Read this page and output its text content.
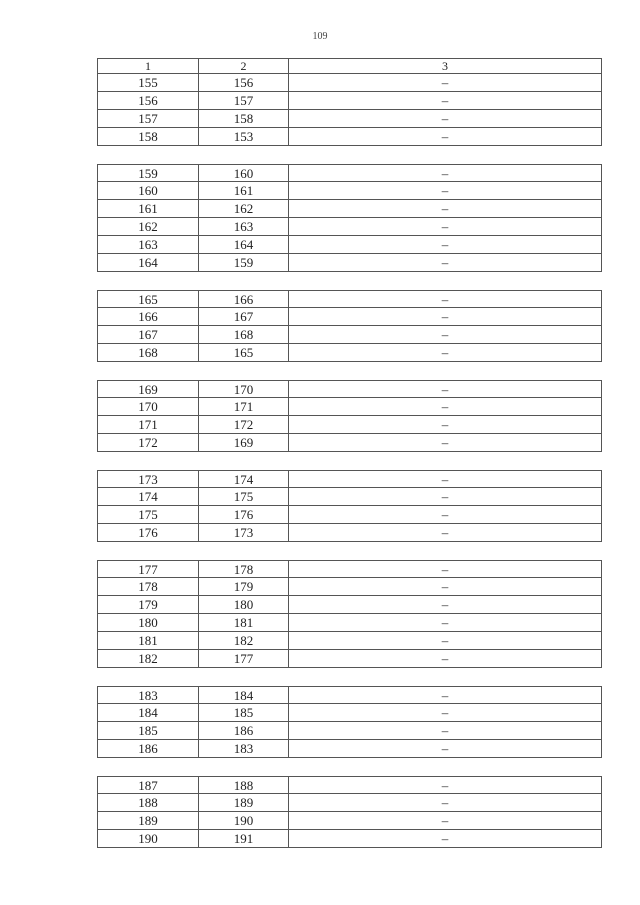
109
1	2	3
155	156	–
156	157	–
157	158	–
158	153	–
159	160	–
160	161	–
161	162	–
162	163	–
163	164	–
164	159	–
165	166	–
166	167	–
167	168	–
168	165	–
169	170	–
170	171	–
171	172	–
172	169	–
173	174	–
174	175	–
175	176	–
176	173	–
177	178	–
178	179	–
179	180	–
180	181	–
181	182	–
182	177	–
183	184	–
184	185	–
185	186	–
186	183	–
187	188	–
188	189	–
189	190	–
190	191	–
